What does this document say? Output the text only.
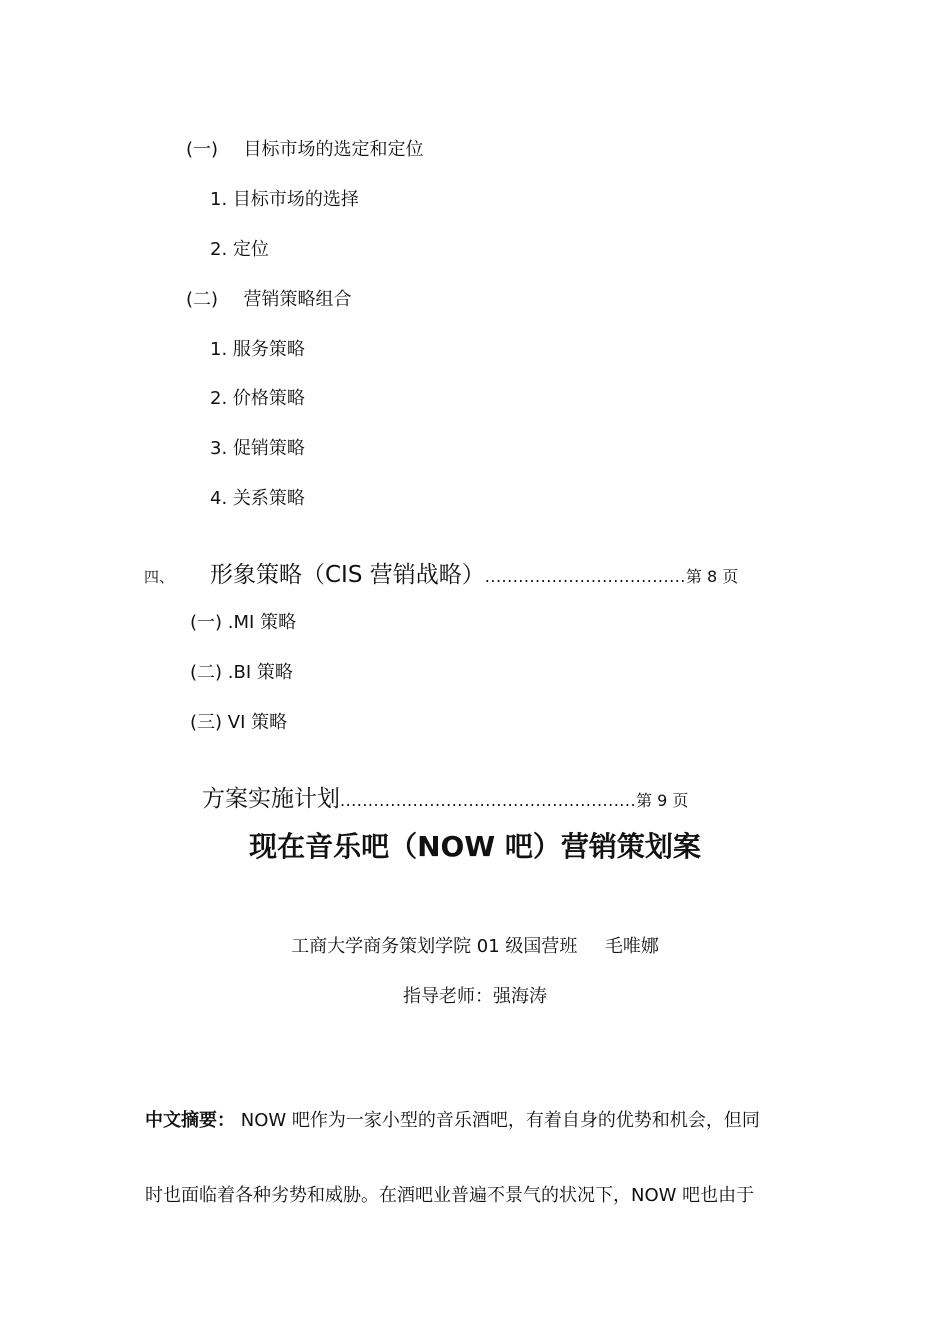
(一) 目标市场的选定和定位
1. 目标市场的选择
2. 定位
(二) 营销策略组合
1. 服务策略
2. 价格策略
3. 促销策略
4. 关系策略
四、 形象策略（CIS 营销战略）....................................第 8 页
(一) .MI 策略
(二) .BI 策略
(三) VI 策略
方案实施计划.....................................................第 9 页
现在音乐吧（NOW 吧）营销策划案
工商大学商务策划学院 01 级国营班 毛唯娜
指导老师：强海涛
中文摘要： NOW 吧作为一家小型的音乐酒吧，有着自身的优势和机会，但同
时也面临着各种劣势和威胁。在酒吧业普遍不景气的状况下，NOW 吧也由于
